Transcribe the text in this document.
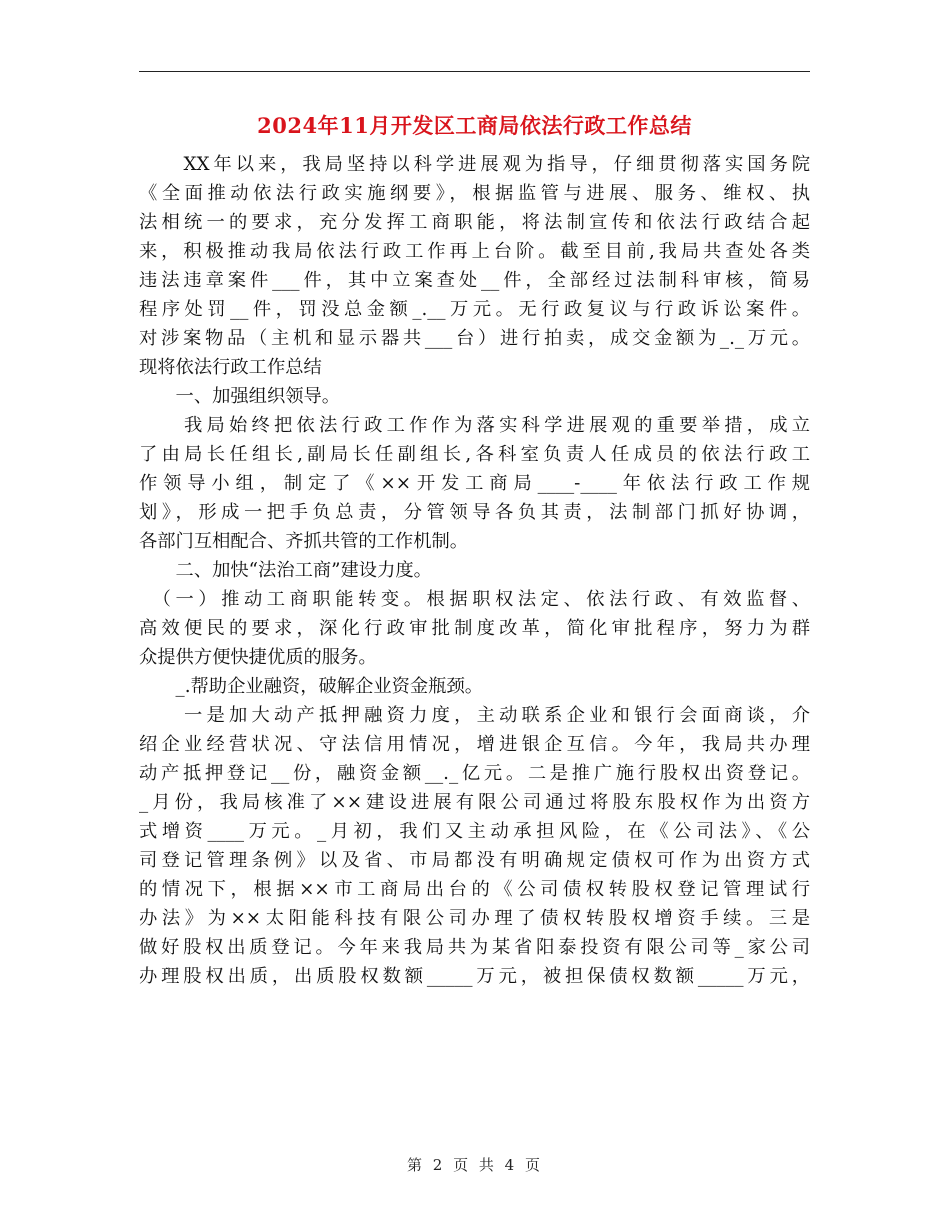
2024年11月开发区工商局依法行政工作总结
　　XX年以来，我局坚持以科学进展观为指导，仔细贯彻落实国务院
《全面推动依法行政实施纲要》，根据监管与进展、服务、维权、执
法相统一的要求，充分发挥工商职能，将法制宣传和依法行政结合起
来，积极推动我局依法行政工作再上台阶。截至目前,我局共查处各类
违法违章案件___件，其中立案查处__件，全部经过法制科审核，简易
程序处罚__件，罚没总金额_.__万元。无行政复议与行政诉讼案件。
对涉案物品（主机和显示器共___台）进行拍卖，成交金额为_._万元。
现将依法行政工作总结
　　一、加强组织领导。
　　我局始终把依法行政工作作为落实科学进展观的重要举措，成立
了由局长任组长,副局长任副组长,各科室负责人任成员的依法行政工
作领导小组，制定了《××开发工商局____-____年依法行政工作规
划》，形成一把手负总责，分管领导各负其责，法制部门抓好协调，
各部门互相配合、齐抓共管的工作机制。
　　二、加快“法治工商”建设力度。
　（一）推动工商职能转变。根据职权法定、依法行政、有效监督、
高效便民的要求，深化行政审批制度改革，简化审批程序，努力为群
众提供方便快捷优质的服务。
　　_.帮助企业融资，破解企业资金瓶颈。
　　一是加大动产抵押融资力度，主动联系企业和银行会面商谈，介
绍企业经营状况、守法信用情况，增进银企互信。今年，我局共办理
动产抵押登记__份，融资金额__._亿元。二是推广施行股权出资登记。
_月份，我局核准了××建设进展有限公司通过将股东股权作为出资方
式增资____万元。_月初，我们又主动承担风险，在《公司法》、《公
司登记管理条例》以及省、市局都没有明确规定债权可作为出资方式
的情况下，根据××市工商局出台的《公司债权转股权登记管理试行
办法》为××太阳能科技有限公司办理了债权转股权增资手续。三是
做好股权出质登记。今年来我局共为某省阳泰投资有限公司等_家公司
办理股权出质，出质股权数额_____万元，被担保债权数额_____万元，
第 2 页 共 4 页
